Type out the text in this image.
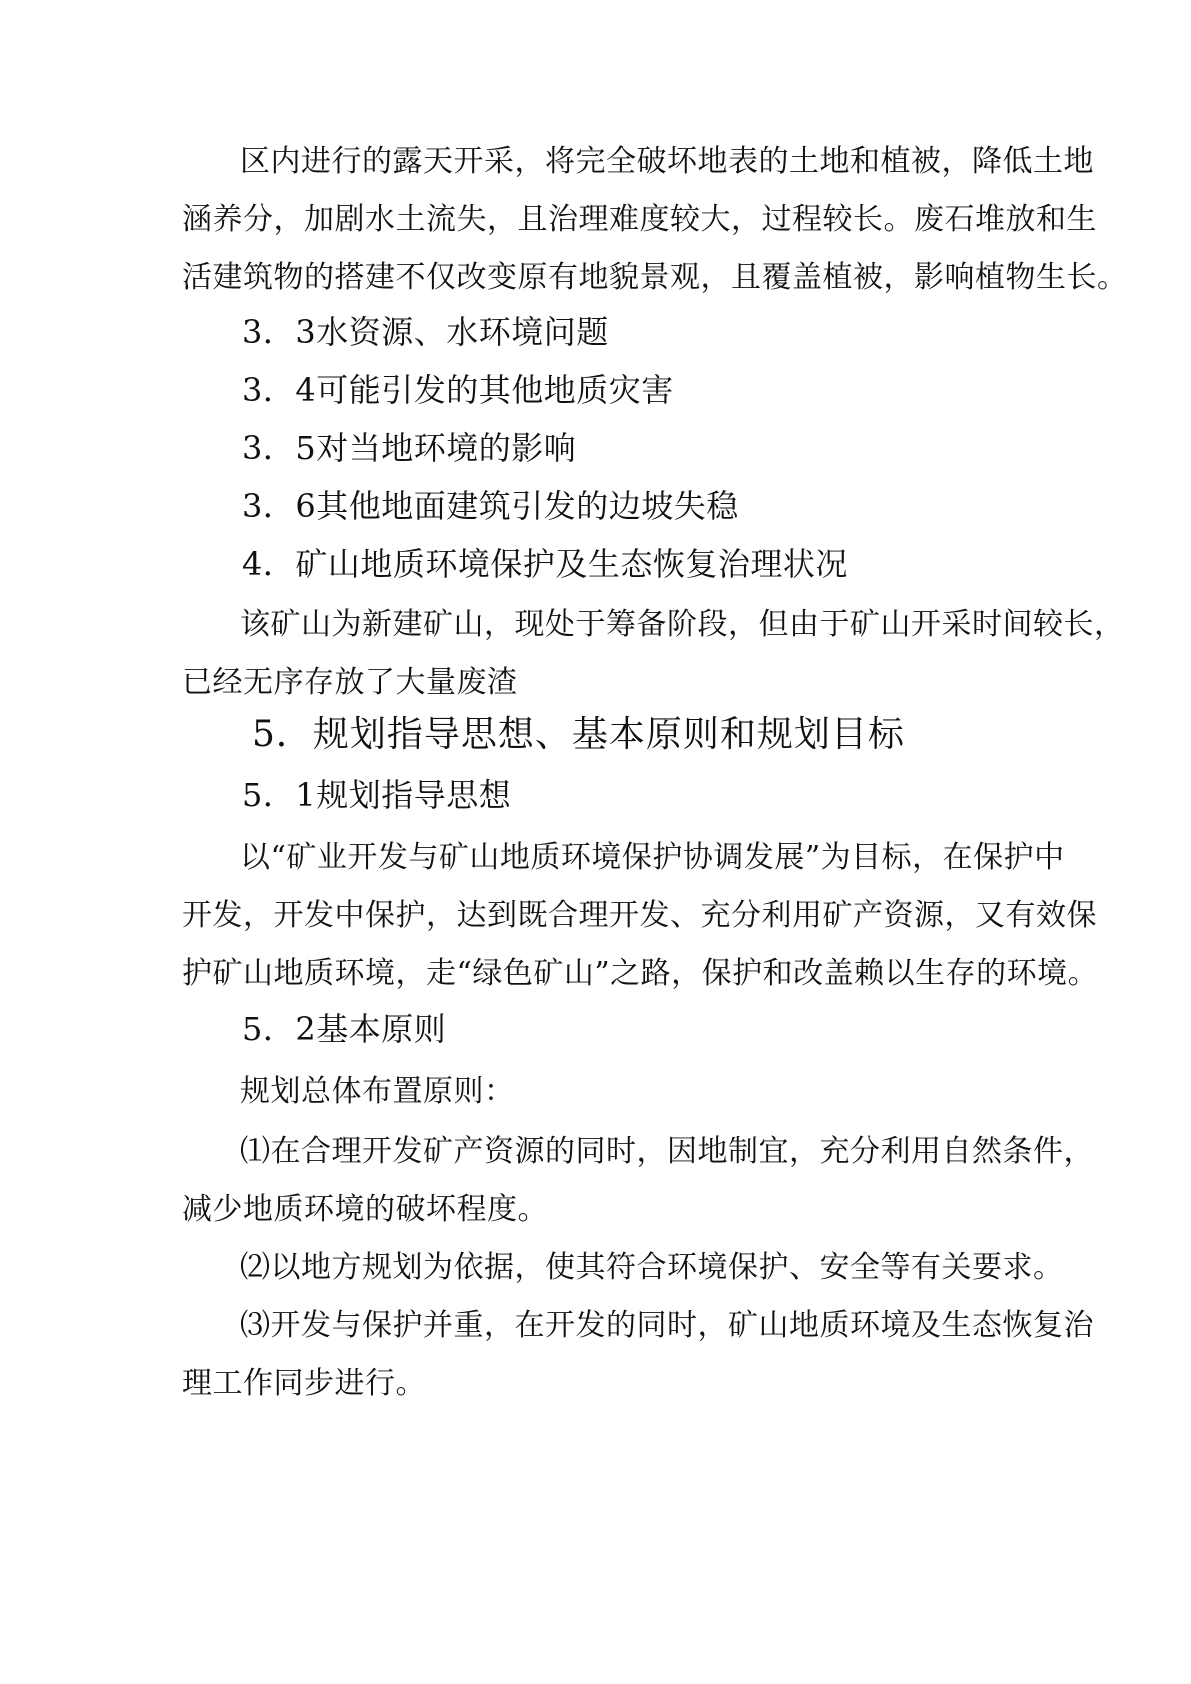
区内进行的露天开采，将完全破坏地表的土地和植被，降低土地
涵养分，加剧水土流失，且治理难度较大，过程较长。废石堆放和生
活建筑物的搭建不仅改变原有地貌景观，且覆盖植被，影响植物生长。
3．3水资源、水环境问题
3．4可能引发的其他地质灾害
3．5对当地环境的影响
3．6其他地面建筑引发的边坡失稳
4．矿山地质环境保护及生态恢复治理状况
该矿山为新建矿山，现处于筹备阶段，但由于矿山开采时间较长，
已经无序存放了大量废渣
5．规划指导思想、基本原则和规划目标
5．1规划指导思想
以“矿业开发与矿山地质环境保护协调发展”为目标，在保护中
开发，开发中保护，达到既合理开发、充分利用矿产资源，又有效保
护矿山地质环境，走“绿色矿山”之路，保护和改盖赖以生存的环境。
5．2基本原则
规划总体布置原则：
⑴在合理开发矿产资源的同时，因地制宜，充分利用自然条件，
减少地质环境的破坏程度。
⑵以地方规划为依据，使其符合环境保护、安全等有关要求。
⑶开发与保护并重，在开发的同时，矿山地质环境及生态恢复治
理工作同步进行。
